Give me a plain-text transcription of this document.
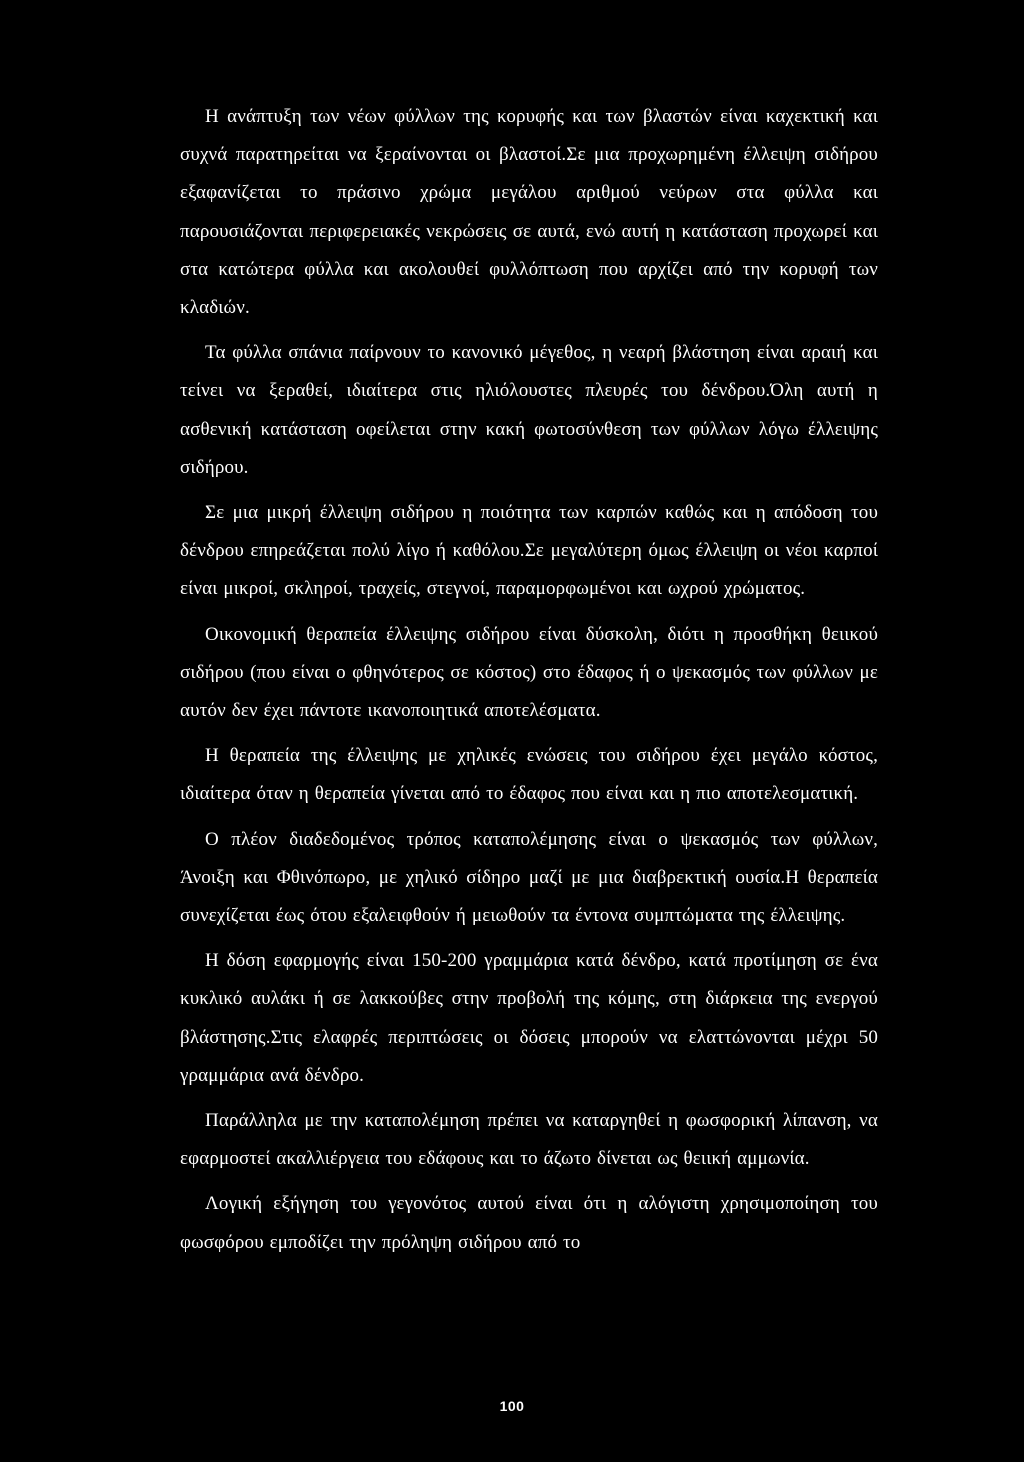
Η ανάπτυξη των νέων φύλλων της κορυφής και των βλαστών είναι καχεκτική και συχνά παρατηρείται να ξεραίνονται οι βλαστοί.Σε μια προχωρημένη έλλειψη σιδήρου εξαφανίζεται το πράσινο χρώμα μεγάλου αριθμού νεύρων στα φύλλα και παρουσιάζονται περιφερειακές νεκρώσεις σε αυτά, ενώ αυτή η κατάσταση προχωρεί και στα κατώτερα φύλλα και ακολουθεί φυλλόπτωση που αρχίζει από την κορυφή των κλαδιών.

Τα φύλλα σπάνια παίρνουν το κανονικό μέγεθος, η νεαρή βλάστηση είναι αραιή και τείνει να ξεραθεί, ιδιαίτερα στις ηλιόλουστες πλευρές του δένδρου.Όλη αυτή η ασθενική κατάσταση οφείλεται στην κακή φωτοσύνθεση των φύλλων λόγω έλλειψης σιδήρου.

Σε μια μικρή έλλειψη σιδήρου η ποιότητα των καρπών καθώς και η απόδοση του δένδρου επηρεάζεται πολύ λίγο ή καθόλου.Σε μεγαλύτερη όμως έλλειψη οι νέοι καρποί είναι μικροί, σκληροί, τραχείς, στεγνοί, παραμορφωμένοι και ωχρού χρώματος.

Οικονομική θεραπεία έλλειψης σιδήρου είναι δύσκολη, διότι η προσθήκη θειικού σιδήρου (που είναι ο φθηνότερος σε κόστος) στο έδαφος ή ο ψεκασμός των φύλλων με αυτόν δεν έχει πάντοτε ικανοποιητικά αποτελέσματα.

Η θεραπεία της έλλειψης με χηλικές ενώσεις του σιδήρου έχει μεγάλο κόστος, ιδιαίτερα όταν η θεραπεία γίνεται από το έδαφος που είναι και η πιο αποτελεσματική.

Ο πλέον διαδεδομένος τρόπος καταπολέμησης είναι ο ψεκασμός των φύλλων, Άνοιξη και Φθινόπωρο, με χηλικό σίδηρο μαζί με μια διαβρεκτική ουσία.Η θεραπεία συνεχίζεται έως ότου εξαλειφθούν ή μειωθούν τα έντονα συμπτώματα της έλλειψης.

Η δόση εφαρμογής είναι 150-200 γραμμάρια κατά δένδρο, κατά προτίμηση σε ένα κυκλικό αυλάκι ή σε λακκούβες στην προβολή της κόμης, στη διάρκεια της ενεργού βλάστησης.Στις ελαφρές περιπτώσεις οι δόσεις μπορούν να ελαττώνονται μέχρι 50 γραμμάρια ανά δένδρο.

Παράλληλα με την καταπολέμηση πρέπει να καταργηθεί η φωσφορική λίπανση, να εφαρμοστεί ακαλλιέργεια του εδάφους και το άζωτο δίνεται ως θειική αμμωνία.

Λογική εξήγηση του γεγονότος αυτού είναι ότι η αλόγιστη χρησιμοποίηση του φωσφόρου εμποδίζει την πρόληψη σιδήρου από το

100
